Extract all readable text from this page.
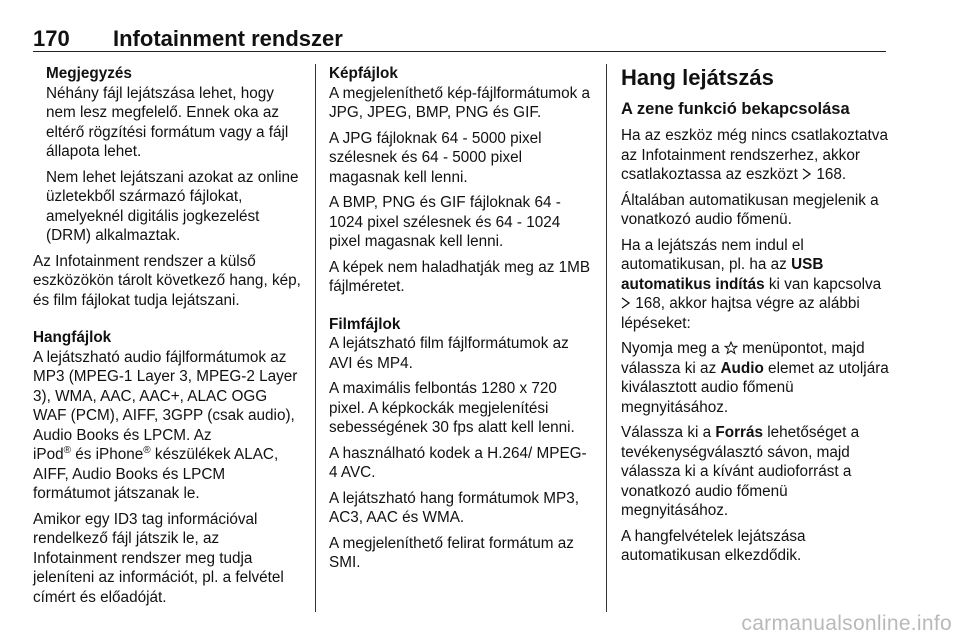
170 Infotainment rendszer

Megjegyzés

Néhány fájl lejátszása lehet, hogy nem lesz megfelelő. Ennek oka az eltérő rögzítési formátum vagy a fájl állapota lehet.

Nem lehet lejátszani azokat az online üzletekből származó fájlokat, amelyeknél digitális jogkezelést (DRM) alkalmaztak.

Az Infotainment rendszer a külső eszközökön tárolt következő hang, kép, és film fájlokat tudja lejátszani.

Hangfájlok

A lejátszható audio fájlformátumok az MP3 (MPEG-1 Layer 3, MPEG-2 Layer 3), WMA, AAC, AAC+, ALAC OGG WAF (PCM), AIFF, 3GPP (csak audio), Audio Books és LPCM. Az
iPod® és iPhone® készülékek ALAC, AIFF, Audio Books és LPCM formátumot játszanak le.

Amikor egy ID3 tag információval rendelkező fájl játszik le, az Infotainment rendszer meg tudja jeleníteni az információt, pl. a felvétel címért és előadóját.

Képfájlok

A megjeleníthető kép-fájlformátumok a JPG, JPEG, BMP, PNG és GIF.

A JPG fájloknak 64 - 5000 pixel szélesnek és 64 - 5000 pixel magasnak kell lenni.

A BMP, PNG és GIF fájloknak 64 - 1024 pixel szélesnek és 64 - 1024 pixel magasnak kell lenni.

A képek nem haladhatják meg az 1MB fájlméretet.

Filmfájlok

A lejátszható film fájlformátumok az AVI és MP4.

A maximális felbontás 1280 x 720 pixel. A képkockák megjelenítési sebességének 30 fps alatt kell lenni.

A használható kodek a H.264/ MPEG-4 AVC.

A lejátszható hang formátumok MP3, AC3, AAC és WMA.

A megjeleníthető felirat formátum az SMI.

Hang lejátszás
A zene funkció bekapcsolása

Ha az eszköz még nincs csatlakoztatva az Infotainment rendszerhez, akkor csatlakoztassa az eszközt  168.

Általában automatikusan megjelenik a vonatkozó audio főmenü.

Ha a lejátszás nem indul el automatikusan, pl. ha az USB automatikus indítás ki van kapcsolva
168, akkor hajtsa végre az alábbi lépéseket:

Nyomja meg a  menüpontot, majd válassza ki az Audio elemet az utoljára kiválasztott audio főmenü megnyitásához.

Válassza ki a Forrás lehetőséget a tevékenységválasztó sávon, majd válassza ki a kívánt audioforrást a vonatkozó audio főmenü megnyitásához.

A hangfelvételek lejátszása automatikusan elkezdődik.

carmanualsonline.info
